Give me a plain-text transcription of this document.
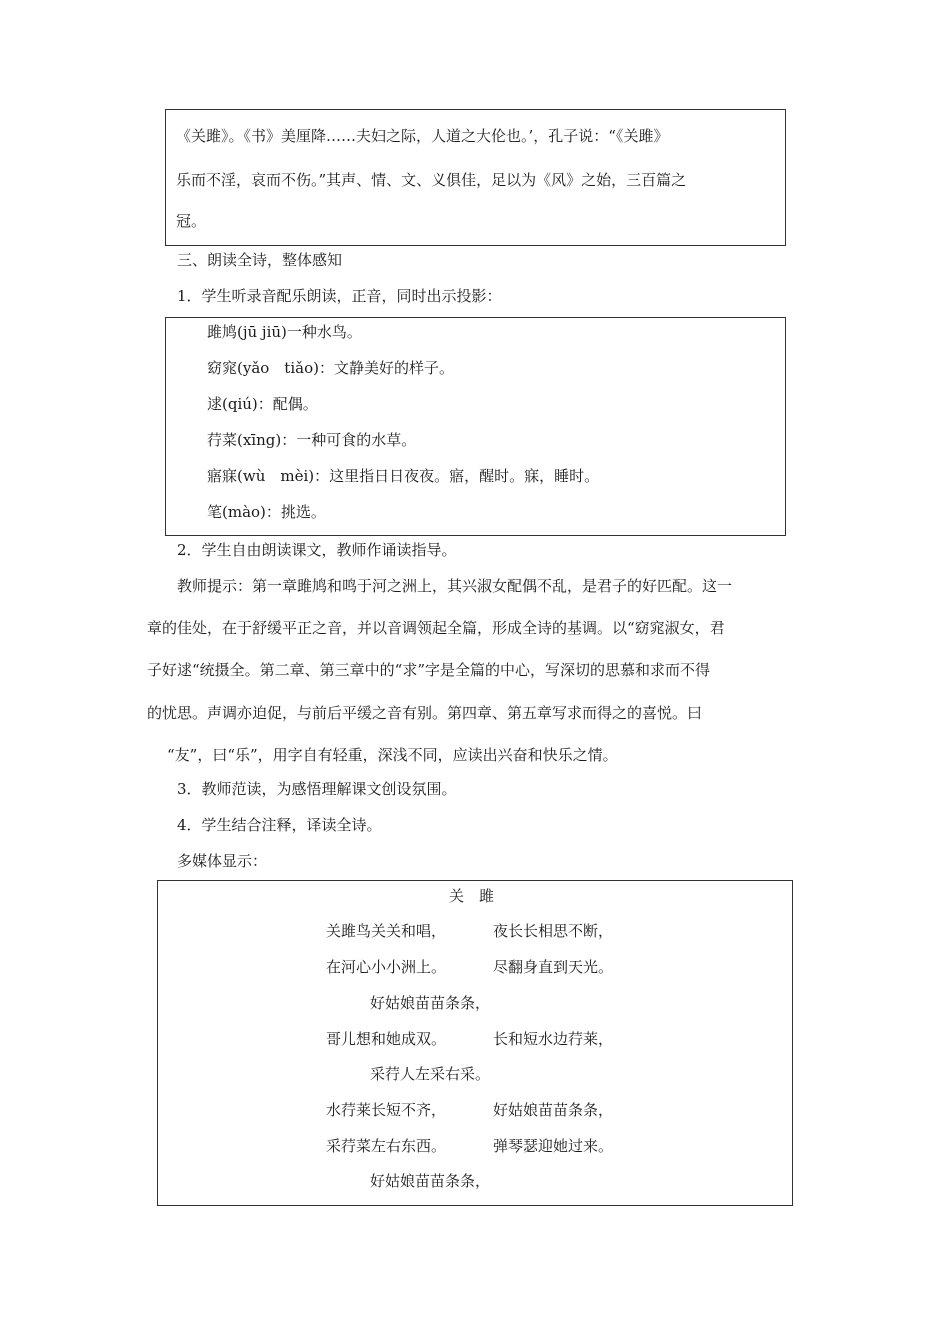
《关雎》。《书》美厘降……夫妇之际，人道之大伦也。’，孔子说：“《关雎》
乐而不淫，哀而不伤。”其声、情、文、义俱佳，足以为《风》之始，三百篇之
冠。
三、朗读全诗，整体感知
1．学生听录音配乐朗读，正音，同时出示投影：
雎鸠(jū jiū)一种水鸟。
窈窕(yǎo　tiǎo)：文静美好的样子。
逑(qiú)：配偶。
荇菜(xīng)：一种可食的水草。
寤寐(wù　mèi)：这里指日日夜夜。寤，醒时。寐，睡时。
笔(mào)：挑选。
2．学生自由朗读课文，教师作诵读指导。
教师提示：第一章雎鸠和鸣于河之洲上，其兴淑女配偶不乱，是君子的好匹配。这一
章的佳处，在于舒缓平正之音，并以音调领起全篇，形成全诗的基调。以“窈窕淑女，君
子好逑“统摄全。第二章、第三章中的“求”字是全篇的中心，写深切的思慕和求而不得
的忧思。声调亦迫促，与前后平缓之音有别。第四章、第五章写求而得之的喜悦。曰
“友”，曰“乐”，用字自有轻重，深浅不同，应读出兴奋和快乐之情。
3．教师范读，为感悟理解课文创设氛围。
4．学生结合注释，译读全诗。
多媒体显示：
关　雎
关雎鸟关关和唱，	夜长长相思不断，
在河心小小洲上。	尽翻身直到天光。
好姑娘苗苗条条，
哥儿想和她成双。	长和短水边荇莱，
采荇人左采右采。
水荇莱长短不齐，	好姑娘苗苗条条，
采荇菜左右东西。	弹琴瑟迎她过来。
好姑娘苗苗条条，
